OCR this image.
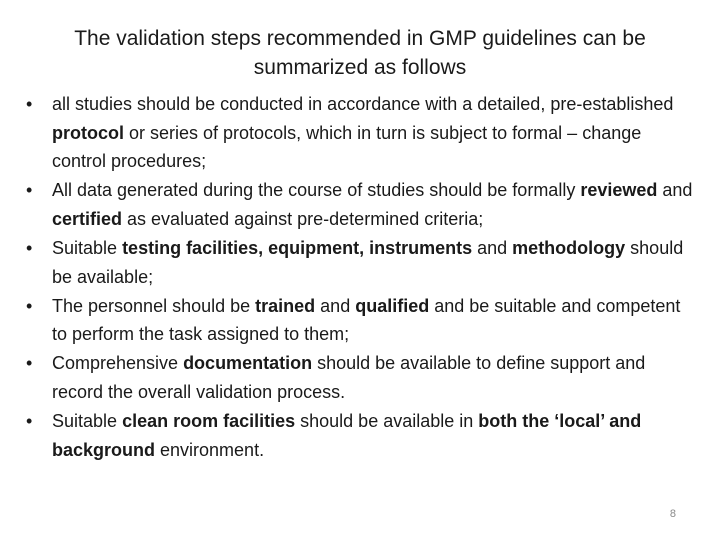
The validation steps recommended in GMP guidelines can be
summarized as follows
• all studies should be conducted in accordance with a detailed, pre-established protocol or series of protocols, which in turn is subject to formal – change control procedures;
• All data generated during the course of studies should be formally reviewed and certified as evaluated against pre-determined criteria;
• Suitable testing facilities, equipment, instruments and methodology should be available;
• The personnel should be trained and qualified and be suitable and competent to perform the task assigned to them;
• Comprehensive documentation should be available to define support and record the overall validation process.
• Suitable clean room facilities should be available in both the ‘local’ and background environment.
8
